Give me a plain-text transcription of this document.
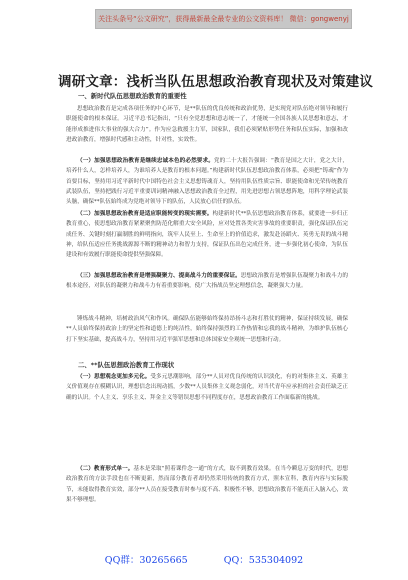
关注头条号“公文研究”，获得最新最全最专业的公文资料库！ 微信：gongwenyj
调研文章：浅析当队伍思想政治教育现状及对策建议
一、新时代队伍思想政治教育的重要性

思想政治教育是完成各项任务的中心环节，是**队伍的优良传统和政治优势，是实现党对队伍绝对领导和履行职能使命的根本保证。习近平总书记指出，“只有全党思想和意志统一了，才能统一全国各族人民思想和意志，才能形成推进伟大事业的强大合力”。作为应急救援主力军，国家队，我们必须紧贴形势任务和队伍实际，加强和改进政治教育，增强时代感和主动性，针对性，实效性。

（一）加强思想政治教育是继续忠诚本色的必然要求。党的二十大报告强调：“教育是国之大计，党之大计，培养什么人，怎样培养人，为谁培养人是教育的根本问题。”构建新时代队伍思想政治教育体系，必须把“铸魂”作为首要目标，坚持用习近平新时代中国特色社会主义思想铸魂育人，坚持用队伍性质宗旨、职能使命和光荣传统教育武装队伍，坚持把践行习近平重要训词精神融入思想政治教育全过程，用先进思想占领思想阵地，用科学理论武装头脑，确保**队伍始终成为党绝对领导下的队伍，人民放心信任的队伍。

（二）加强思想政治教育是适应职能转变的现实需要。构建新时代**队伍思想政治教育体系，就要进一步归正教育重心，使思想政治教育紧紧聚焦防范化解重大安全风险，应对处置各类灾害事故的重要职责，强化保证队伍完成任务、关键时刻打赢制胜的鲜明指向，筑牢人民至上、生命至上的价值追求，激发赴汤蹈火、英勇无畏的战斗精神，给队伍适应任务挑战源源不断的精神动力和智力支持，保证队伍出色完成任务，进一步强化初心使命，为队伍建设和有效履行职能使命提供坚强保障。

（三）加强思想政治教育是增强凝聚力、提高战斗力的重要保证。思想政治教育是增强队伍凝聚力和战斗力的根本途径，对队伍的凝聚力和战斗力有着重要影响，使广大指战员坚定理想信念，凝聚强大力量。

锤炼战斗精神，培树政治风气和作风。确保队伍能够始终保持昂扬斗志和打胜仗的精神，保证持续发展，确保**人员始终保持政治上的坚定性和道德上的纯洁性，始终保持强烈的工作热情和忘我的战斗精神，为维护队伍核心打下坚实基础，提高战斗力，坚持用习近平强军思想和总体国家安全观统一思想和行动。

二、**队伍思想政治教育工作现状

（一）思想观念更加多元化。受多元思潮影响，部分**人员对优良传统的认识淡化，有的对集体主义、英雄主义价值观存在模糊认识，理想信念出现动摇，少数**人员集体主义观念弱化，对当代青年应承担的社会责任缺乏正确的认识。个人主义、享乐主义、拜金主义等错误思想不同程度存在，思想政治教育工作面临新的挑战。

（二）教育形式单一。基本是采取“照着课件念一通”的方式，取不到教育效果。在当今瞬息万变的时代，思想政治教育的方法手段也在不断更新，然而部分教育者却仍然采用传统的教育方式，照本宣科，教育内容与实际脱节，未能取得教育实效，部分**人员在接受教育时参与度不高、积极性不够，思想政治教育不能真正入脑入心，效果不够理想。

QQ群：30265665	QQ：535304092
